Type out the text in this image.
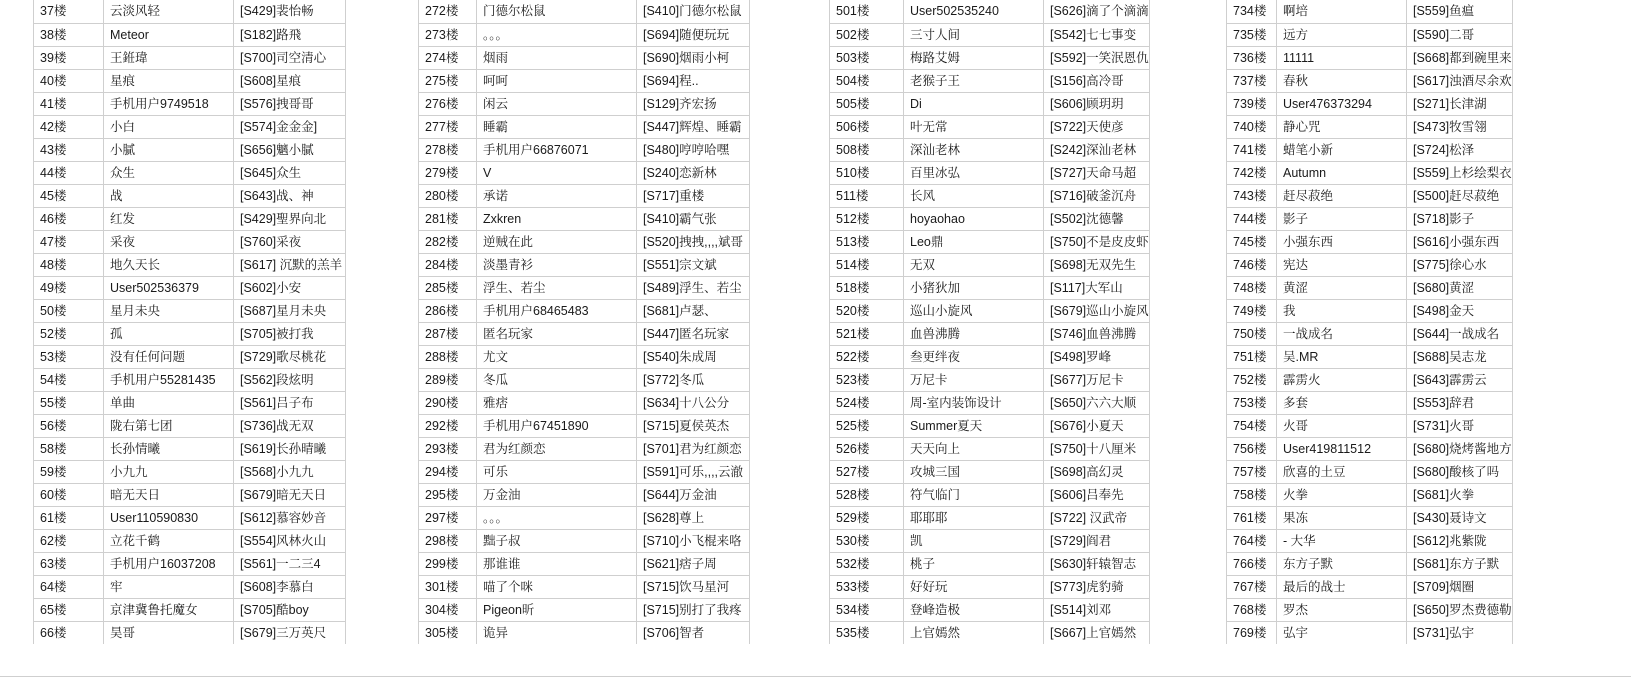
37楼	云淡风轻	[S429]裴怡畅
38楼	Meteor	[S182]路飛
39楼	王銋瑋	[S700]司空清心
40楼	星痕	[S608]星痕
41楼	手机用户9749518	[S576]拽哥哥
42楼	小白	[S574]金金金]
43楼	小膩	[S656]魑小膩
44楼	众生	[S645]众生
45楼	战	[S643]战、神
46楼	红发	[S429]聖界向北
47楼	采夜	[S760]采夜
48楼	地久天长	[S617] 沉默的羔羊
49楼	User502536379	[S602]小安
50楼	星月未央	[S687]星月未央
52楼	孤	[S705]被打我
53楼	没有任何问题	[S729]歌尽桃花
54楼	手机用户55281435	[S562]段炫明
55楼	单曲	[S561]吕子布
56楼	陇右第七团	[S736]战无双
58楼	长孙情曦	[S619]长孙晴曦
59楼	小九九	[S568]小九九
60楼	暗无天日	[S679]暗无天日
61楼	User110590830	[S612]慕容妙音
62楼	立花千鹤	[S554]风林火山
63楼	手机用户16037208	[S561]一二三4
64楼	牢	[S608]李慕白
65楼	京津冀鲁托魔女	[S705]酷boy
66楼	昊哥	[S679]三万英尺
272楼	门德尔松鼠	[S410]门德尔松鼠
273楼	。。。	[S694]随便玩玩
274楼	烟雨	[S690]烟雨小柯
275楼	呵呵	[S694]程..
276楼	闲云	[S129]齐宏扬
277楼	睡霸	[S447]辉煌、睡霸
278楼	手机用户66876071	[S480]哼哼哈嘿
279楼	V	[S240]恋新林
280楼	承诺	[S717]重楼
281楼	Zxkren	[S410]霸气张
282楼	逆贼在此	[S520]拽拽,,,,斌哥
284楼	淡墨青衫	[S551]宗文斌
285楼	浮生、若尘	[S489]浮生、若尘
286楼	手机用户68465483	[S681]卢瑟、
287楼	匿名玩家	[S447]匿名玩家
288楼	尤文	[S540]朱成周
289楼	冬瓜	[S772]冬瓜
290楼	雅痞	[S634]十八公分
292楼	手机用户67451890	[S715]夏侯英杰
293楼	君为红颜恋	[S701]君为红颜恋
294楼	可乐	[S591]可乐,,,,云澈
295楼	万金油	[S644]万金油
297楼	。。。	[S628]尊上
298楼	黜子叔	[S710]小飞棍来咯
299楼	那谁谁	[S621]痞子周
301楼	喵了个咪	[S715]饮马星河
304楼	Pigeon昕	[S715]别打了我疼
305楼	诡异	[S706]智者
501楼	User502535240	[S626]滴了个滴滴
502楼	三寸人间	[S542]七七事变
503楼	梅路艾姆	[S592]一笑泯恩仇
504楼	老猴子王	[S156]高冷哥
505楼	Di	[S606]顾玥玥
506楼	叶无常	[S722]天使彦
508楼	深汕老林	[S242]深汕老林
510楼	百里冰弘	[S727]天命马超
511楼	长风	[S716]破釜沉舟
512楼	hoyaohao	[S502]沈德馨
513楼	Leo鼎	[S750]不是皮皮虾
514楼	无双	[S698]无双先生
518楼	小猪狄加	[S117]大军山
520楼	巡山小旋风	[S679]巡山小旋风
521楼	血兽沸腾	[S746]血兽沸腾
522楼	叁更绊夜	[S498]罗峰
523楼	万尼卡	[S677]万尼卡
524楼	周-室内装饰设计	[S650]六六大顺
525楼	Summer夏天	[S676]小夏天
526楼	天天向上	[S750]十八厘米
527楼	攻城三国	[S698]高幻灵
528楼	符气临门	[S606]吕奉先
529楼	耶耶耶	[S722] 汉武帝
530楼	凯	[S729]阎君
532楼	桃子	[S630]轩辕智志
533楼	好好玩	[S773]虎豹骑
534楼	登峰造极	[S514]刘邓
535楼	上官嫣然	[S667]上官嫣然
734楼	啊培	[S559]鱼瘟
735楼	远方	[S590]二哥
736楼	11111	[S668]都到碗里来
737楼	春秋	[S617]浊酒尽余欢
739楼	User476373294	[S271]长津湖
740楼	静心咒	[S473]牧雪翎
741楼	蜡笔小新	[S724]松泽
742楼	Autumn	[S559]上杉绘梨衣
743楼	赶尽菽绝	[S500]赶尽菽绝
744楼	影子	[S718]影子
745楼	小强东西	[S616]小强东西
746楼	宪达	[S775]徐心水
748楼	黄涩	[S680]黄涩
749楼	我	[S498]金天
750楼	一战成名	[S644]一战成名
751楼	吴.MR	[S688]吴志龙
752楼	霹雳火	[S643]霹雳云
753楼	多套	[S553]辞君
754楼	火哥	[S731]火哥
756楼	User419811512	[S680]烧烤酱地方
757楼	欣喜的土豆	[S680]酸核了吗
758楼	火拳	[S681]火拳
761楼	果冻	[S430]聂诗文
764楼	- 大华	[S612]兆紫陇
766楼	东方子默	[S681]东方子默
767楼	最后的战士	[S709]烟圈
768楼	罗杰	[S650]罗杰费德勒
769楼	弘宇	[S731]弘宇
